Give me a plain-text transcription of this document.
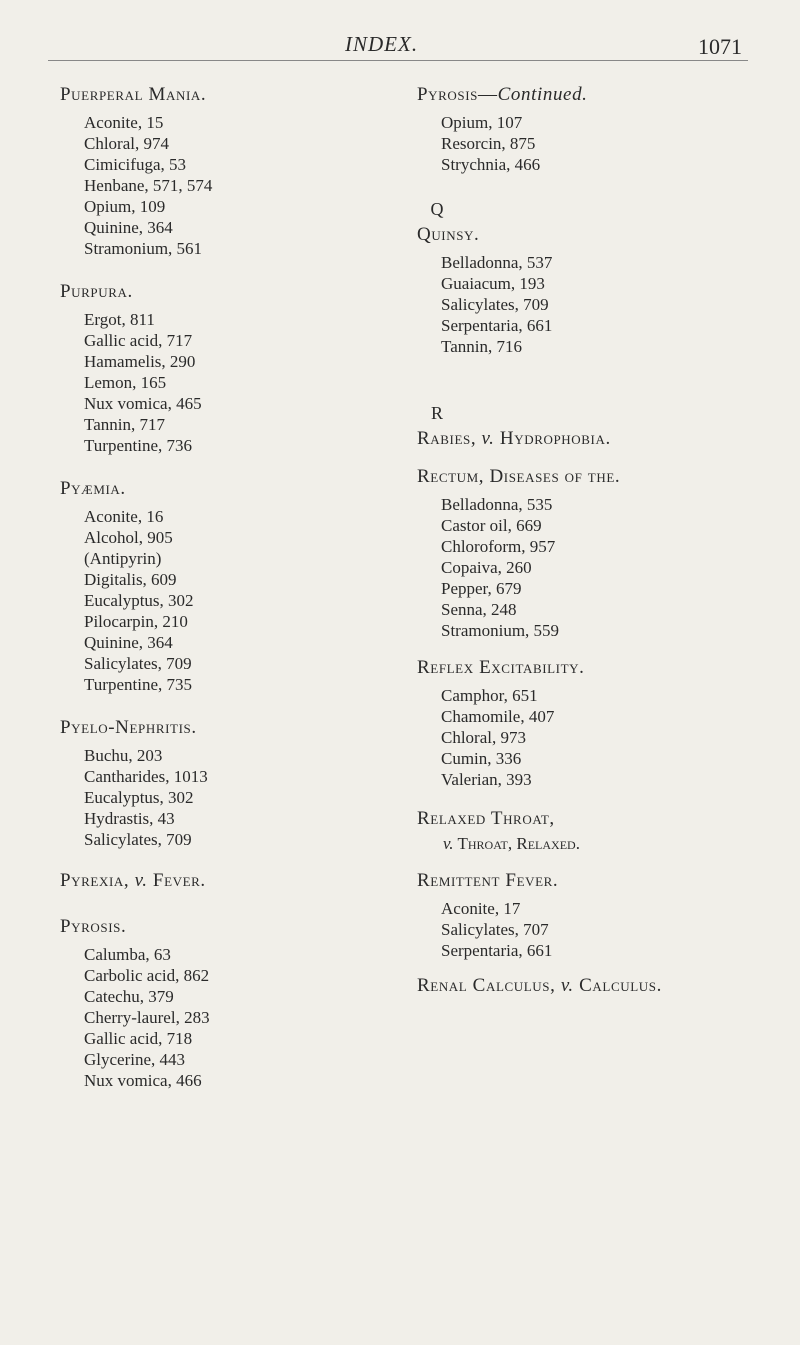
INDEX.	1071
Puerperal Mania.
Aconite, 15
Chloral, 974
Cimicifuga, 53
Henbane, 571, 574
Opium, 109
Quinine, 364
Stramonium, 561
Purpura.
Ergot, 811
Gallic acid, 717
Hamamelis, 290
Lemon, 165
Nux vomica, 465
Tannin, 717
Turpentine, 736
Pyæmia.
Aconite, 16
Alcohol, 905
(Antipyrin)
Digitalis, 609
Eucalyptus, 302
Pilocarpin, 210
Quinine, 364
Salicylates, 709
Turpentine, 735
Pyelo-Nephritis.
Buchu, 203
Cantharides, 1013
Eucalyptus, 302
Hydrastis, 43
Salicylates, 709
Pyrexia, v. Fever.
Pyrosis.
Calumba, 63
Carbolic acid, 862
Catechu, 379
Cherry-laurel, 283
Gallic acid, 718
Glycerine, 443
Nux vomica, 466
Pyrosis—Continued.
Opium, 107
Resorcin, 875
Strychnia, 466
Q
Quinsy.
Belladonna, 537
Guaiacum, 193
Salicylates, 709
Serpentaria, 661
Tannin, 716
R
Rabies, v. Hydrophobia.
Rectum, Diseases of the.
Belladonna, 535
Castor oil, 669
Chloroform, 957
Copaiva, 260
Pepper, 679
Senna, 248
Stramonium, 559
Reflex Excitability.
Camphor, 651
Chamomile, 407
Chloral, 973
Cumin, 336
Valerian, 393
Relaxed Throat,
v. Throat, Relaxed.
Remittent Fever.
Aconite, 17
Salicylates, 707
Serpentaria, 661
Renal Calculus, v. Calculus.
